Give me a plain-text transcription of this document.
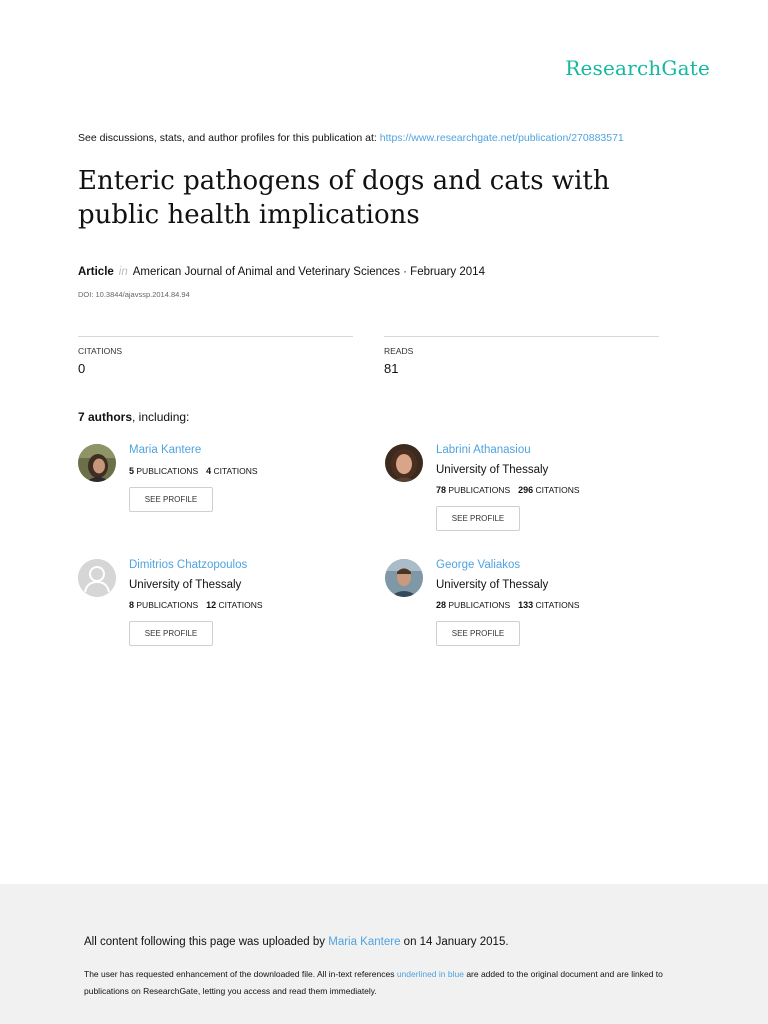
ResearchGate
See discussions, stats, and author profiles for this publication at: https://www.researchgate.net/publication/270883571
Enteric pathogens of dogs and cats with public health implications
Article in American Journal of Animal and Veterinary Sciences · February 2014
DOI: 10.3844/ajavssp.2014.84.94
CITATIONS
0
READS
81
7 authors, including:
Maria Kantere
5 PUBLICATIONS 4 CITATIONS
SEE PROFILE
Labrini Athanasiou
University of Thessaly
78 PUBLICATIONS 296 CITATIONS
SEE PROFILE
Dimitrios Chatzopoulos
University of Thessaly
8 PUBLICATIONS 12 CITATIONS
SEE PROFILE
George Valiakos
University of Thessaly
28 PUBLICATIONS 133 CITATIONS
SEE PROFILE
All content following this page was uploaded by Maria Kantere on 14 January 2015.
The user has requested enhancement of the downloaded file. All in-text references underlined in blue are added to the original document and are linked to publications on ResearchGate, letting you access and read them immediately.
